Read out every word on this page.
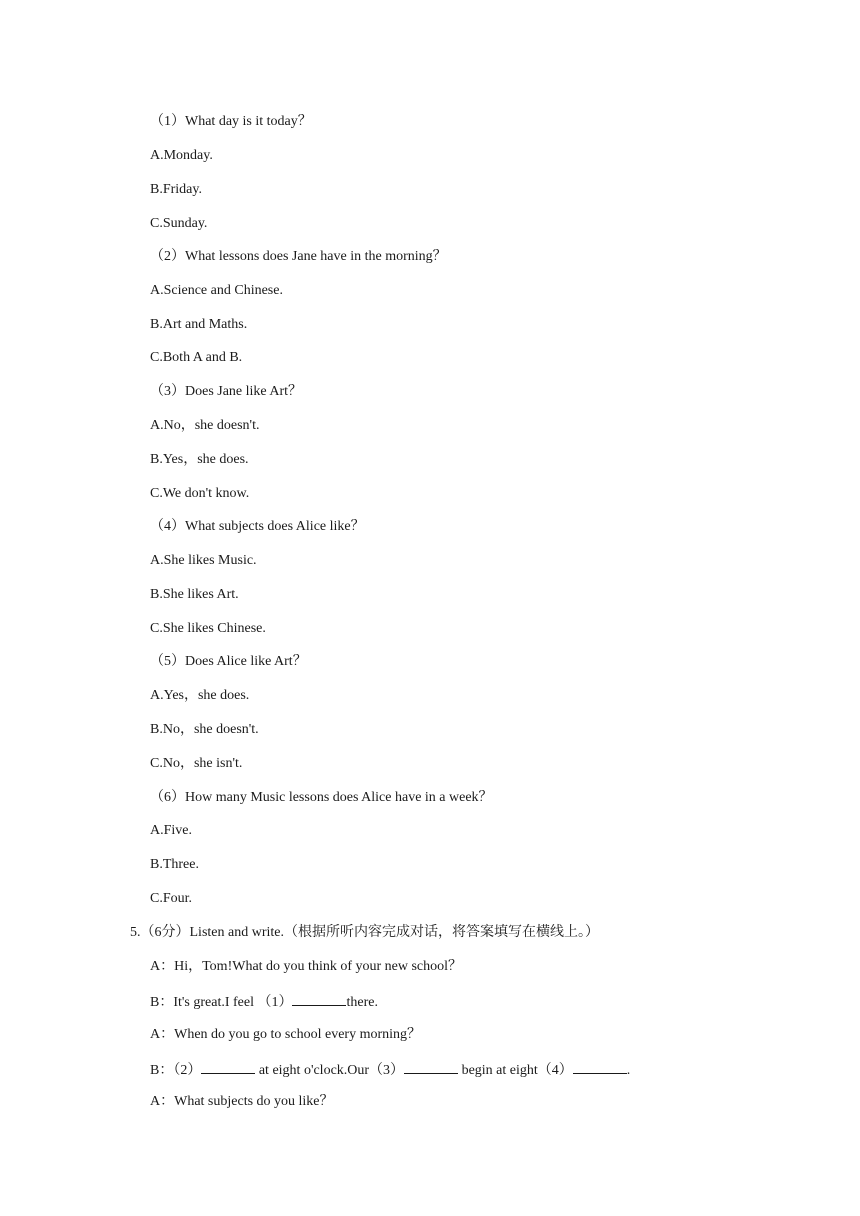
（1）What day is it today？
A.Monday.
B.Friday.
C.Sunday.
（2）What lessons does Jane have in the morning？
A.Science and Chinese.
B.Art and Maths.
C.Both A and B.
（3）Does Jane like Art？
A.No，she doesn't.
B.Yes，she does.
C.We don't know.
（4）What subjects does Alice like？
A.She likes Music.
B.She likes Art.
C.She likes Chinese.
（5）Does Alice like Art？
A.Yes，she does.
B.No，she doesn't.
C.No，she isn't.
（6）How many Music lessons does Alice have in a week？
A.Five.
B.Three.
C.Four.
5.（6分）Listen and write.（根据所听内容完成对话，将答案填写在横线上。）
A：Hi，Tom!What do you think of your new school？
B：It's great.I feel （1）	there.
A：When do you go to school every morning？
B：（2）	at eight o'clock.Our（3）	begin at eight（4）	.
A：What subjects do you like？
